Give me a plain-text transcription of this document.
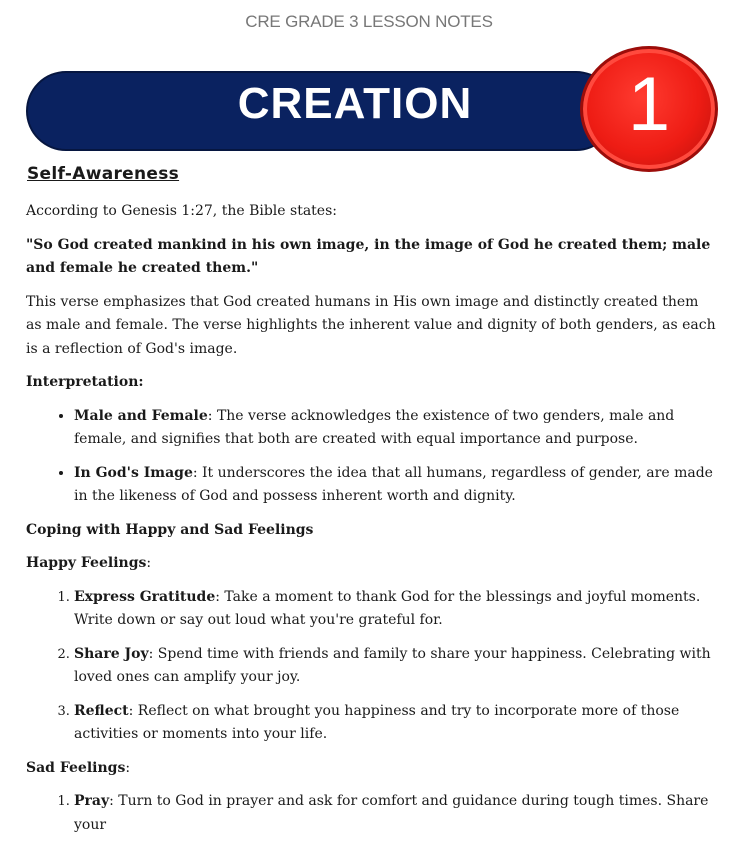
CRE GRADE 3 LESSON NOTES
CREATION	1
Self-Awareness

According to Genesis 1:27, the Bible states:

"So God created mankind in his own image, in the image of God he created them; male and female he created them."

This verse emphasizes that God created humans in His own image and distinctly created them as male and female. The verse highlights the inherent value and dignity of both genders, as each is a reflection of God's image.

Interpretation:

• Male and Female: The verse acknowledges the existence of two genders, male and female, and signifies that both are created with equal importance and purpose.
• In God's Image: It underscores the idea that all humans, regardless of gender, are made in the likeness of God and possess inherent worth and dignity.

Coping with Happy and Sad Feelings

Happy Feelings:

1. Express Gratitude: Take a moment to thank God for the blessings and joyful moments. Write down or say out loud what you're grateful for.
2. Share Joy: Spend time with friends and family to share your happiness. Celebrating with loved ones can amplify your joy.
3. Reflect: Reflect on what brought you happiness and try to incorporate more of those activities or moments into your life.

Sad Feelings:

1. Pray: Turn to God in prayer and ask for comfort and guidance during tough times. Share your
